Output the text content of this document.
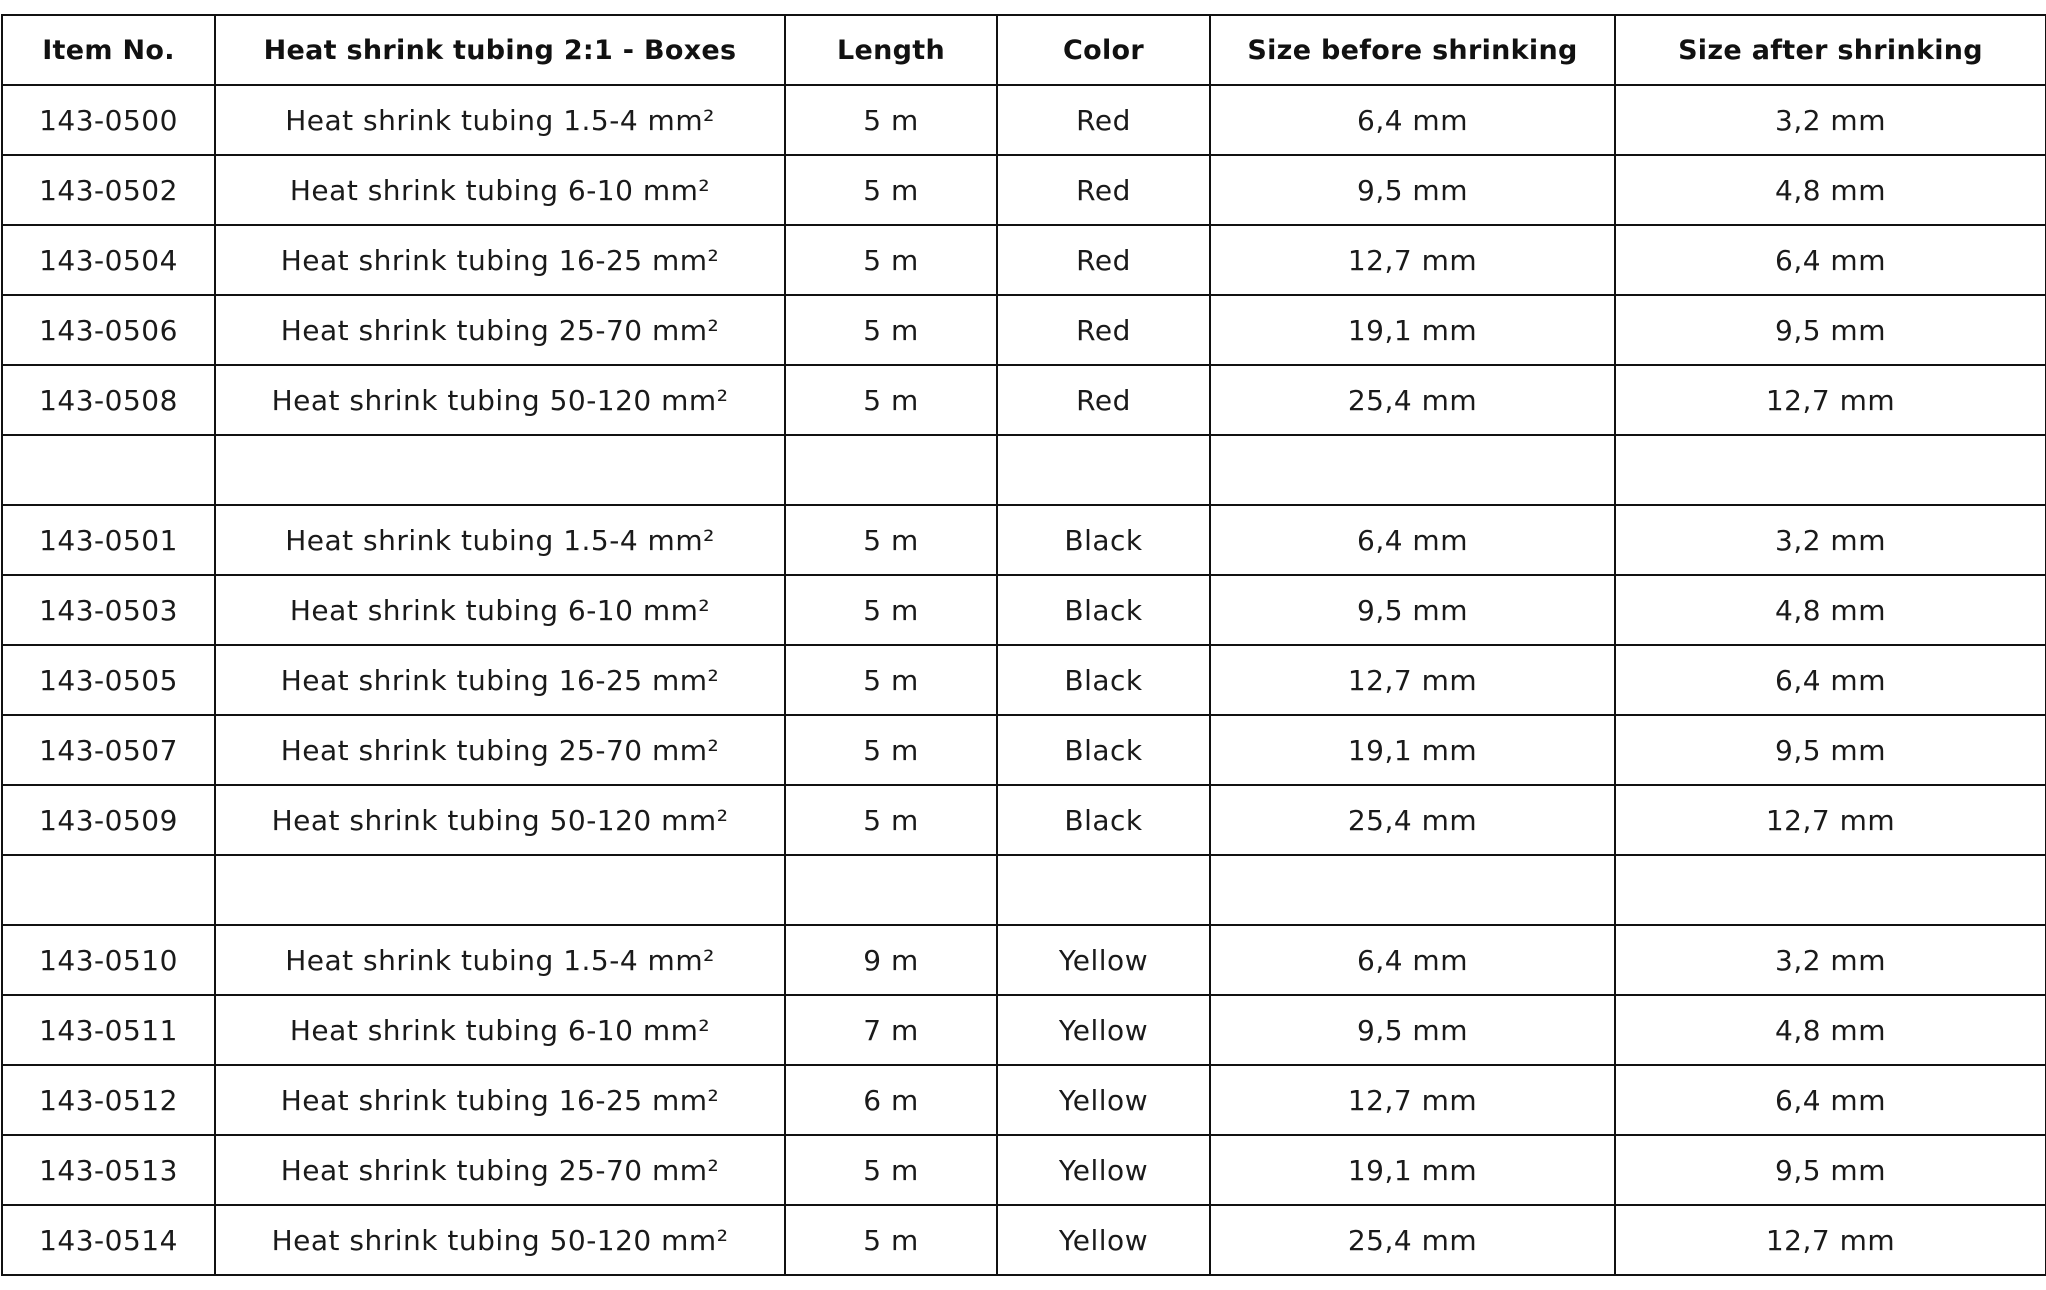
Item No.	Heat shrink tubing 2:1 - Boxes	Length	Color	Size before shrinking	Size after shrinking
143-0500	Heat shrink tubing 1.5-4 mm²	5 m	Red	6,4 mm	3,2 mm
143-0502	Heat shrink tubing 6-10 mm²	5 m	Red	9,5 mm	4,8 mm
143-0504	Heat shrink tubing 16-25 mm²	5 m	Red	12,7 mm	6,4 mm
143-0506	Heat shrink tubing 25-70 mm²	5 m	Red	19,1 mm	9,5 mm
143-0508	Heat shrink tubing 50-120 mm²	5 m	Red	25,4 mm	12,7 mm

143-0501	Heat shrink tubing 1.5-4 mm²	5 m	Black	6,4 mm	3,2 mm
143-0503	Heat shrink tubing 6-10 mm²	5 m	Black	9,5 mm	4,8 mm
143-0505	Heat shrink tubing 16-25 mm²	5 m	Black	12,7 mm	6,4 mm
143-0507	Heat shrink tubing 25-70 mm²	5 m	Black	19,1 mm	9,5 mm
143-0509	Heat shrink tubing 50-120 mm²	5 m	Black	25,4 mm	12,7 mm

143-0510	Heat shrink tubing 1.5-4 mm²	9 m	Yellow	6,4 mm	3,2 mm
143-0511	Heat shrink tubing 6-10 mm²	7 m	Yellow	9,5 mm	4,8 mm
143-0512	Heat shrink tubing 16-25 mm²	6 m	Yellow	12,7 mm	6,4 mm
143-0513	Heat shrink tubing 25-70 mm²	5 m	Yellow	19,1 mm	9,5 mm
143-0514	Heat shrink tubing 50-120 mm²	5 m	Yellow	25,4 mm	12,7 mm
